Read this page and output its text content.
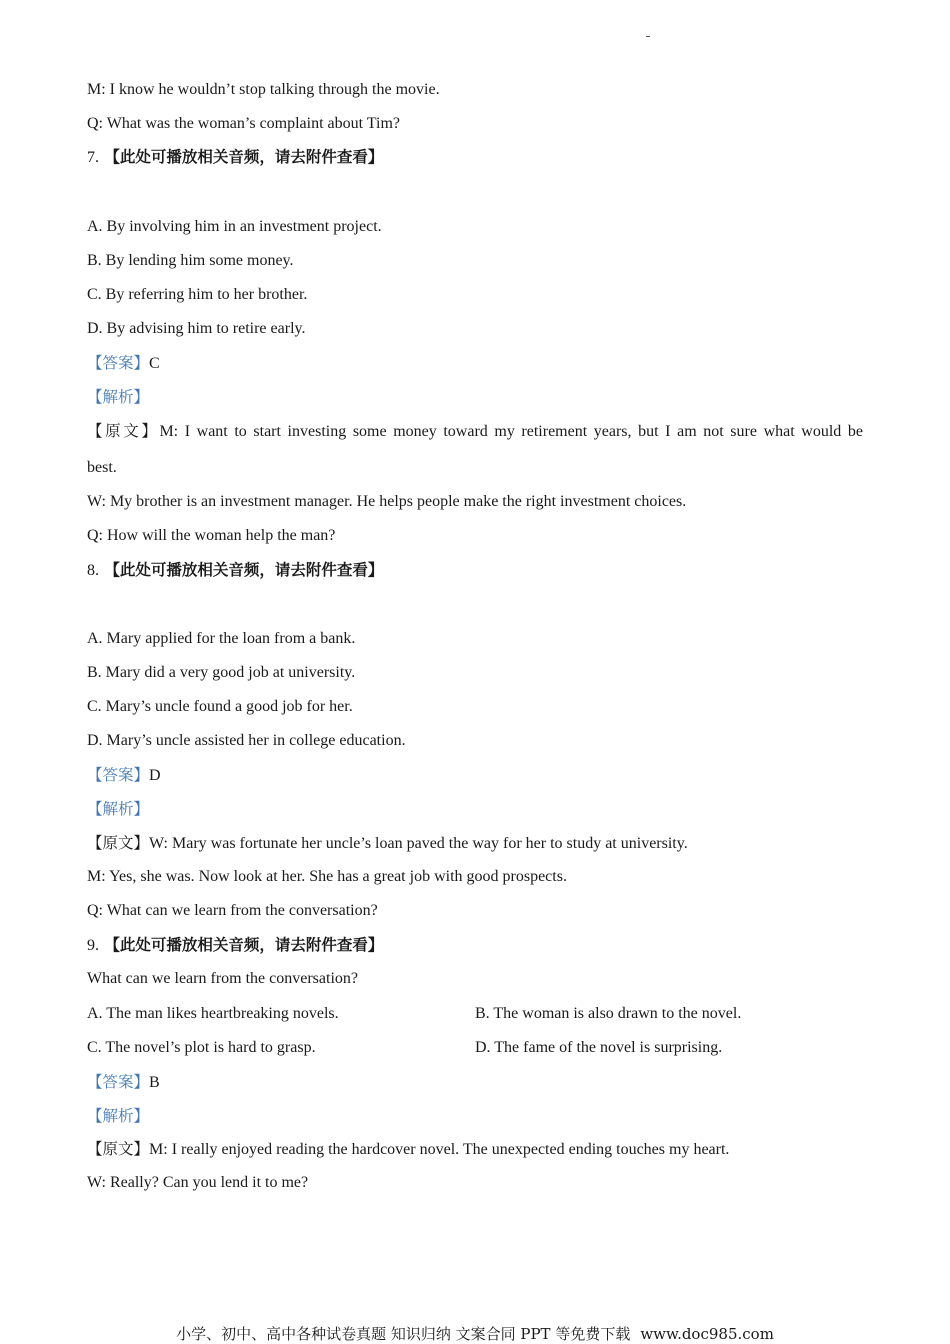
M: I know he wouldn’t stop talking through the movie.
Q: What was the woman’s complaint about Tim?
7. 【此处可播放相关音频，请去附件查看】
A. By involving him in an investment project.
B. By lending him some money.
C. By referring him to her brother.
D. By advising him to retire early.
【答案】C
【解析】
【原文】M: I want to start investing some money toward my retirement years, but I am not sure what would be
best.
W: My brother is an investment manager. He helps people make the right investment choices.
Q: How will the woman help the man?
8. 【此处可播放相关音频，请去附件查看】
A. Mary applied for the loan from a bank.
B. Mary did a very good job at university.
C. Mary’s uncle found a good job for her.
D. Mary’s uncle assisted her in college education.
【答案】D
【解析】
【原文】W: Mary was fortunate her uncle’s loan paved the way for her to study at university.
M: Yes, she was. Now look at her. She has a great job with good prospects.
Q: What can we learn from the conversation?
9. 【此处可播放相关音频，请去附件查看】
What can we learn from the conversation?
A. The man likes heartbreaking novels.	B. The woman is also drawn to the novel.
C. The novel’s plot is hard to grasp.	D. The fame of the novel is surprising.
【答案】B
【解析】
【原文】M: I really enjoyed reading the hardcover novel. The unexpected ending touches my heart.
W: Really? Can you lend it to me?
小学、初中、高中各种试卷真题 知识归纳 文案合同 PPT 等免费下载 www.doc985.com
